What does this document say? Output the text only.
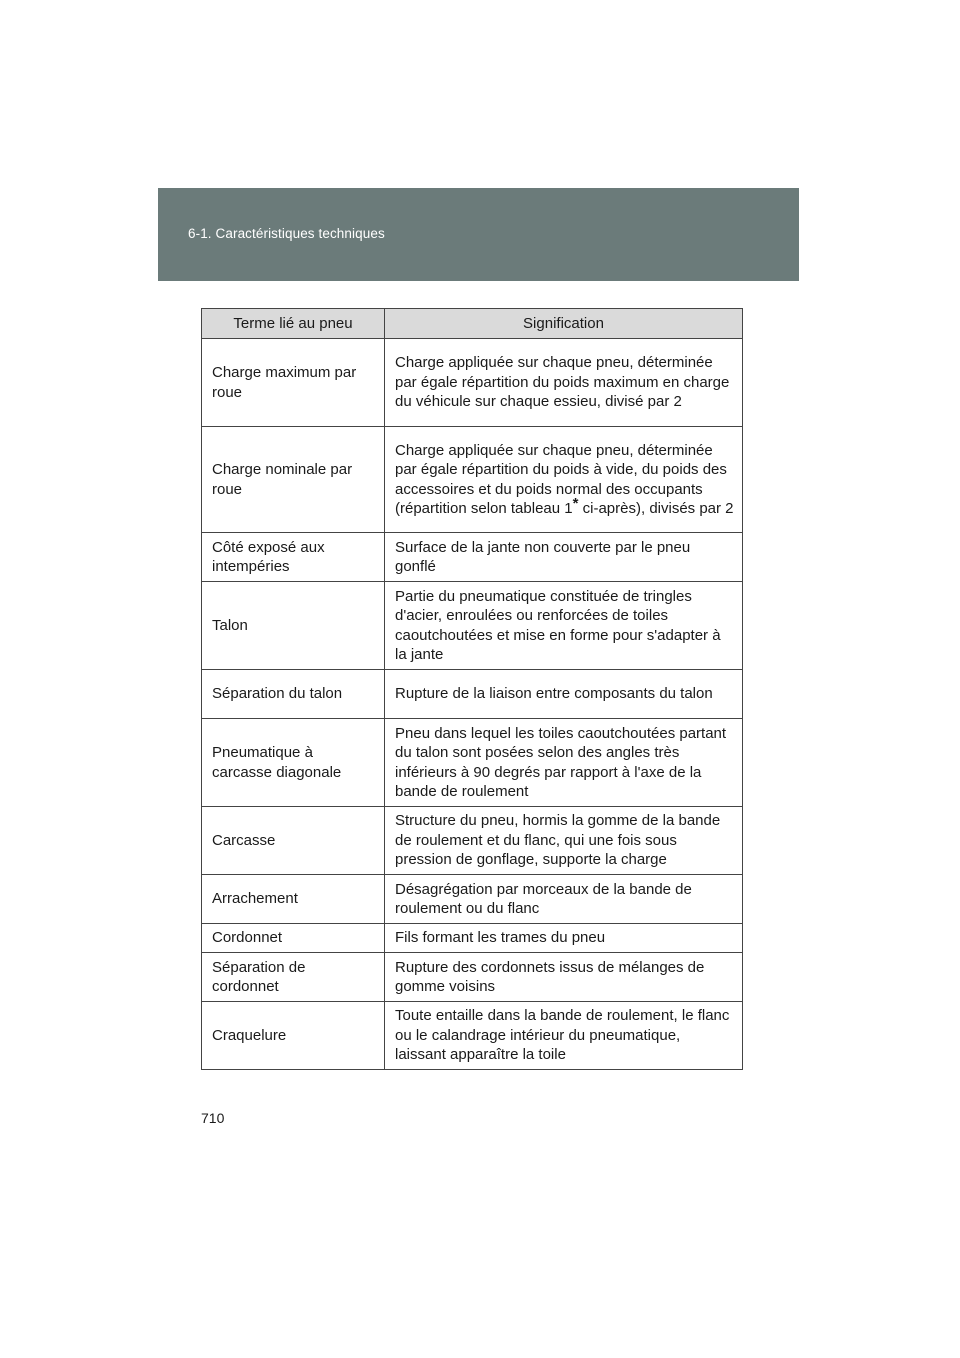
6-1. Caractéristiques techniques
Terme lié au pneu	Signification
Charge maximum par roue	Charge appliquée sur chaque pneu, déterminée par égale répartition du poids maximum en charge du véhicule sur chaque essieu, divisé par 2
Charge nominale par roue	Charge appliquée sur chaque pneu, déterminée par égale répartition du poids à vide, du poids des accessoires et du poids normal des occupants (répartition selon tableau 1* ci-après), divisés par 2
Côté exposé aux intempéries	Surface de la jante non couverte par le pneu gonflé
Talon	Partie du pneumatique constituée de tringles d'acier, enroulées ou renforcées de toiles caoutchoutées et mise en forme pour s'adapter à la jante
Séparation du talon	Rupture de la liaison entre composants du talon
Pneumatique à carcasse diagonale	Pneu dans lequel les toiles caoutchoutées partant du talon sont posées selon des angles très inférieurs à 90 degrés par rapport à l'axe de la bande de roulement
Carcasse	Structure du pneu, hormis la gomme de la bande de roulement et du flanc, qui une fois sous pression de gonflage, supporte la charge
Arrachement	Désagrégation par morceaux de la bande de roulement ou du flanc
Cordonnet	Fils formant les trames du pneu
Séparation de cordonnet	Rupture des cordonnets issus de mélanges de gomme voisins
Craquelure	Toute entaille dans la bande de roulement, le flanc ou le calandrage intérieur du pneumatique, laissant apparaître la toile
710
